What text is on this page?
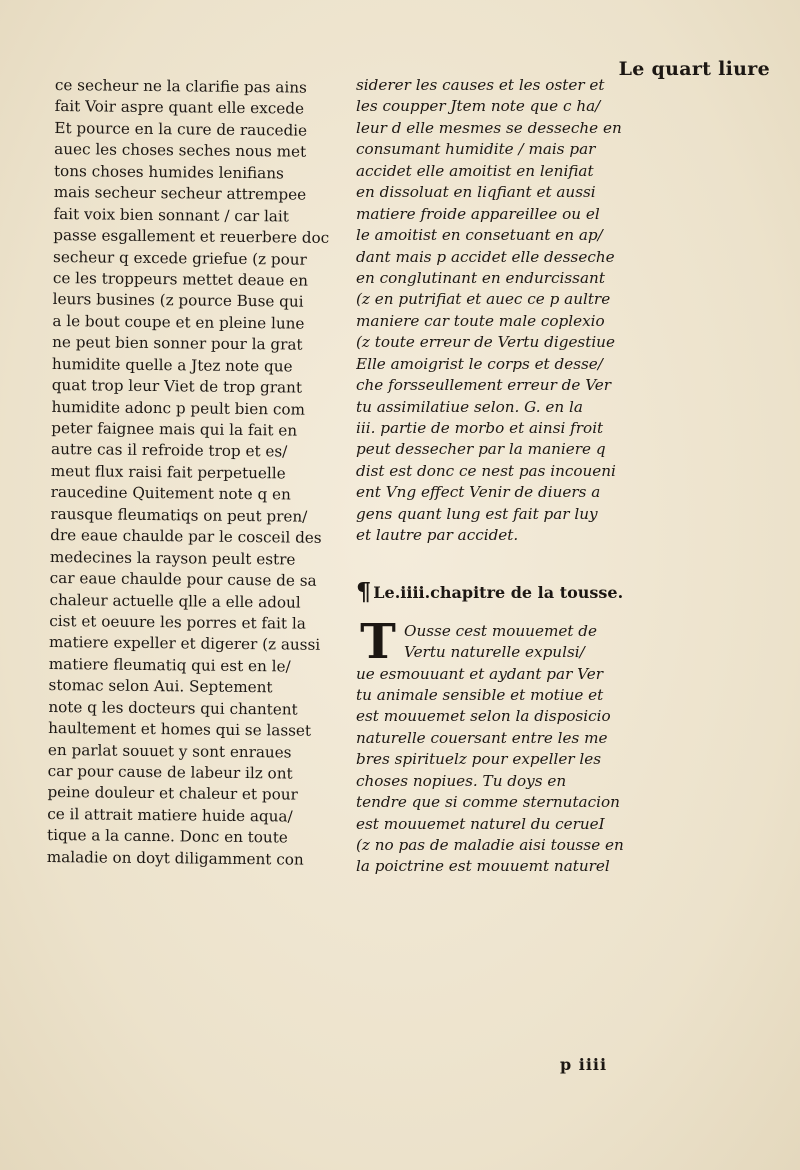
Le quart liure
ce secheur ne la clarifie pas ains
fait Voir aspre quant elle excede
Et pource en la cure de raucedie
auec les choses seches nous met
tons choses humides lenifians
mais secheur secheur attrempee
fait voix bien sonnant / car lait
passe esgallement et reuerbere doc
secheur q excede griefue (z pour
ce les troppeurs mettet deaue en
leurs busines (z pource Buse qui
a le bout coupe et en pleine lune
ne peut bien sonner pour la grat
humidite quelle a Jtez note que
quat trop leur Viet de trop grant
humidite adonc p peult bien com
peter faignee mais qui la fait en
autre cas il refroide trop et es/
meut flux raisi fait perpetuelle
raucedine Quitement note q en
rausque fleumatiqs on peut pren/
dre eaue chaulde par le cosceil des
medecines la rayson peult estre
car eaue chaulde pour cause de sa
chaleur actuelle qlle a elle adoul
cist et oeuure les porres et fait la
matiere expeller et digerer (z aussi
matiere fleumatiq qui est en le/
stomac selon Aui. Septement
note q les docteurs qui chantent
haultement et homes qui se lasset
en parlat souuet y sont enraues
car pour cause de labeur ilz ont
peine douleur et chaleur et pour
ce il attrait matiere huide aqua/
tique a la canne. Donc en toute
maladie on doyt diligamment con
siderer les causes et les oster et
les coupper Jtem note que c ha/
leur d elle mesmes se desseche en
consumant humidite / mais par
accidet elle amoitist en lenifiat
en dissoluat en liqfiant et aussi
matiere froide appareillee ou el
le amoitist en consetuant en ap/
dant mais p accidet elle desseche
en conglutinant en endurcissant
(z en putrifiat et auec ce p aultre
maniere car toute male coplexio
(z toute erreur de Vertu digestiue
Elle amoigrist le corps et desse/
che forsseullement erreur de Ver
tu assimilatiue selon. G. en la
iii. partie de morbo et ainsi froit
peut dessecher par la maniere q
dist est donc ce nest pas incoueni
ent Vng effect Venir de diuers a
gens quant lung est fait par luy
et lautre par accidet.
¶ Le.iiii.chapitre de la tousse.
T Ousse cest mouuemet de
Vertu naturelle expulsi/
ue esmouuant et aydant par Ver
tu animale sensible et motiue et
est mouuemet selon la disposicio
naturelle couersant entre les me
bres spirituelz pour expeller les
choses nopiues. Tu doys en
tendre que si comme sternutacion
est mouuemet naturel du cerueI
(z no pas de maladie aisi tousse en
la poictrine est mouuemt naturel
p iiii
